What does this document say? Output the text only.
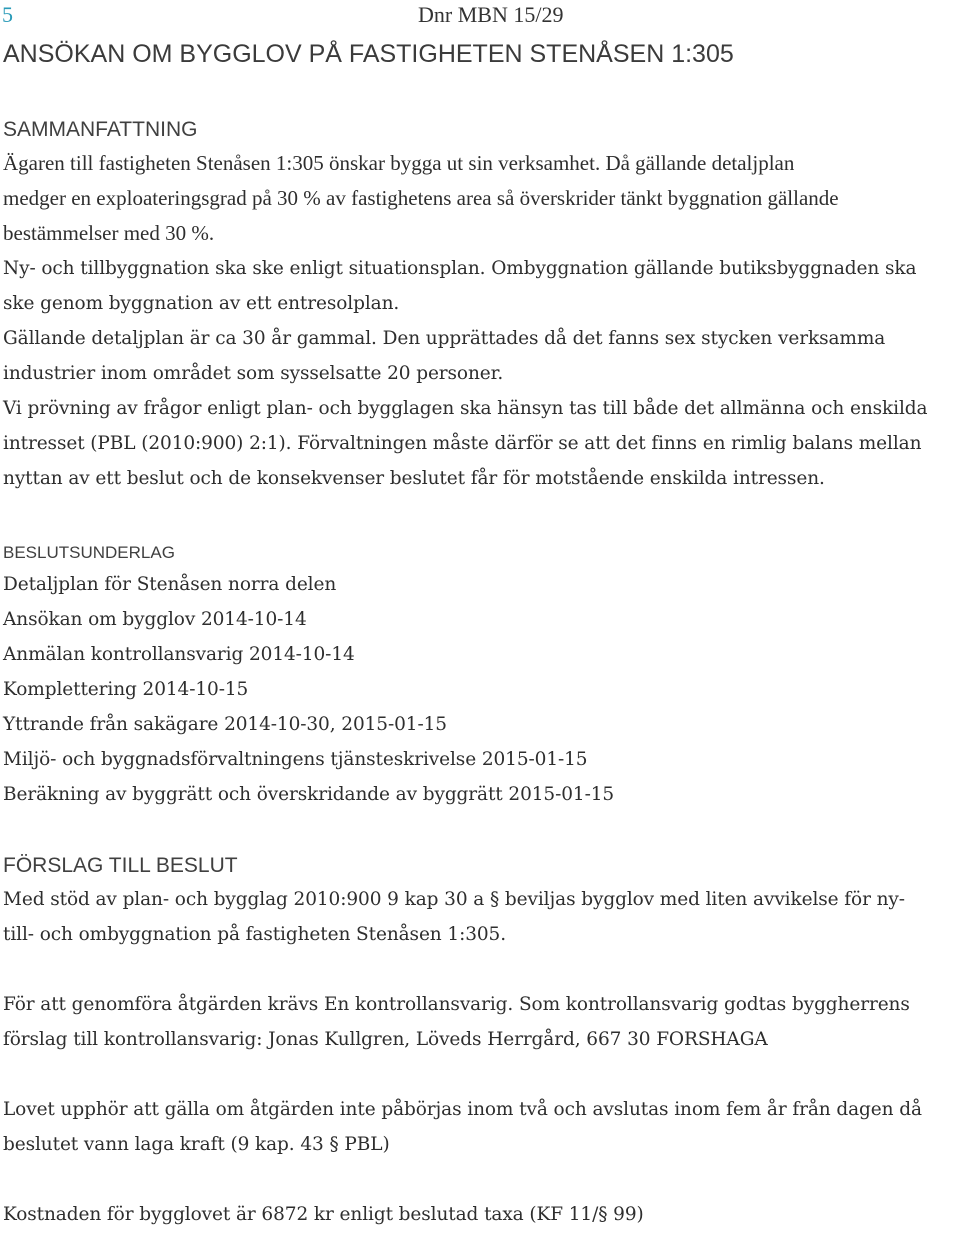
5	Dnr MBN 15/29
ANSÖKAN OM BYGGLOV PÅ FASTIGHETEN STENÅSEN 1:305
SAMMANFATTNING

Ägaren till fastigheten Stenåsen 1:305 önskar bygga ut sin verksamhet. Då gällande detaljplan

medger en exploateringsgrad på 30 % av fastighetens area så överskrider tänkt byggnation gällande

bestämmelser med 30 %.

Ny- och tillbyggnation ska ske enligt situationsplan. Ombyggnation gällande butiksbyggnaden ska

ske genom byggnation av ett entresolplan.

Gällande detaljplan är ca 30 år gammal. Den upprättades då det fanns sex stycken verksamma

industrier inom området som sysselsatte 20 personer.

Vi prövning av frågor enligt plan- och bygglagen ska hänsyn tas till både det allmänna och enskilda

intresset (PBL (2010:900) 2:1). Förvaltningen måste därför se att det finns en rimlig balans mellan

nyttan av ett beslut och de konsekvenser beslutet får för motstående enskilda intressen.

BESLUTSUNDERLAG

Detaljplan för Stenåsen norra delen

Ansökan om bygglov 2014-10-14

Anmälan kontrollansvarig 2014-10-14

Komplettering 2014-10-15

Yttrande från sakägare 2014-10-30, 2015-01-15

Miljö- och byggnadsförvaltningens tjänsteskrivelse 2015-01-15

Beräkning av byggrätt och överskridande av byggrätt 2015-01-15

FÖRSLAG TILL BESLUT

Med stöd av plan- och bygglag 2010:900 9 kap 30 a § beviljas bygglov med liten avvikelse för ny-

till- och ombyggnation på fastigheten Stenåsen 1:305.

För att genomföra åtgärden krävs En kontrollansvarig. Som kontrollansvarig godtas byggherrens

förslag till kontrollansvarig: Jonas Kullgren, Löveds Herrgård, 667 30 FORSHAGA

Lovet upphör att gälla om åtgärden inte påbörjas inom två och avslutas inom fem år från dagen då

beslutet vann laga kraft (9 kap. 43 § PBL)

Kostnaden för bygglovet är 6872 kr enligt beslutad taxa (KF 11/§ 99)
